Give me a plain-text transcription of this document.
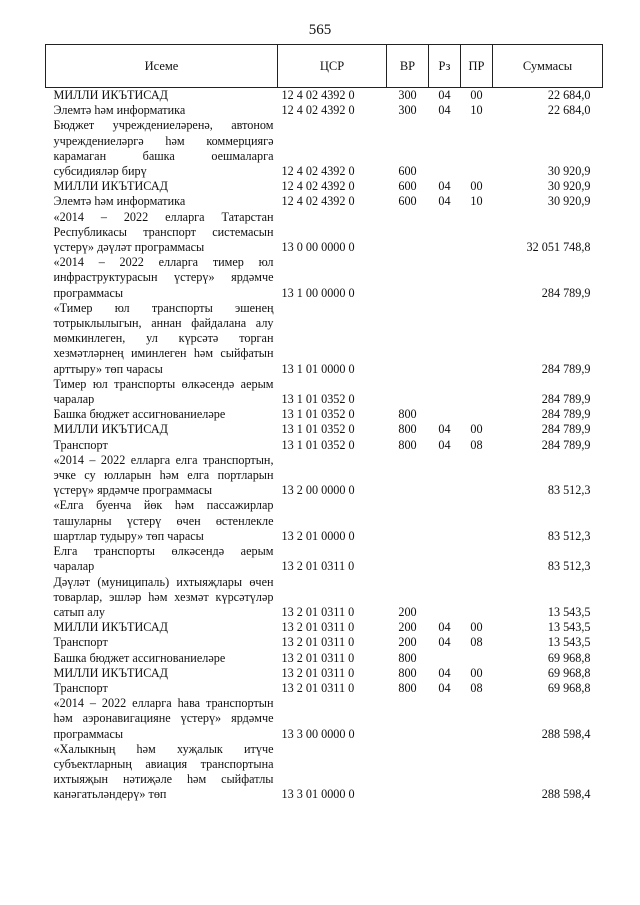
565
Исеме	ЦСР	ВР	Рз	ПР	Суммасы
МИЛЛИ ИКЪТИСАД	12 4 02 4392 0	300	04	00	22 684,0
Элемтә һәм информатика	12 4 02 4392 0	300	04	10	22 684,0
Бюджет учреждениеләренә, автоном учреждениеләргә һәм коммерциягә карамаган башка оешмаларга субсидияләр бирү	12 4 02 4392 0	600			30 920,9
МИЛЛИ ИКЪТИСАД	12 4 02 4392 0	600	04	00	30 920,9
Элемтә һәм информатика	12 4 02 4392 0	600	04	10	30 920,9
«2014 – 2022 елларга Татарстан Республикасы транспорт системасын үстерү» дәүләт программасы	13 0 00 0000 0				32 051 748,8
«2014 – 2022 елларга тимер юл инфраструктурасын үстерү» ярдәмче программасы	13 1 00 0000 0				284 789,9
«Тимер юл транспорты эшенең тотрыклылыгын, аннан файдалана алу мөмкинлеген, ул күрсәтә торган хезмәтләрнең иминлеген һәм сыйфатын арттыру» төп чарасы	13 1 01 0000 0				284 789,9
Тимер юл транспорты өлкәсендә аерым чаралар	13 1 01 0352 0				284 789,9
Башка бюджет ассигнованиеләре	13 1 01 0352 0	800			284 789,9
МИЛЛИ ИКЪТИСАД	13 1 01 0352 0	800	04	00	284 789,9
Транспорт	13 1 01 0352 0	800	04	08	284 789,9
«2014 – 2022 елларга елга транспортын, эчке су юлларын һәм елга портларын үстерү» ярдәмче программасы	13 2 00 0000 0				83 512,3
«Елга буенча йөк һәм пассажирлар ташуларны үстерү өчен өстенлекле шартлар тудыру» төп чарасы	13 2 01 0000 0				83 512,3
Елга транспорты өлкәсендә аерым чаралар	13 2 01 0311 0				83 512,3
Дәүләт (муниципаль) ихтыяҗлары өчен товарлар, эшләр һәм хезмәт күрсәтүләр сатып алу	13 2 01 0311 0	200			13 543,5
МИЛЛИ ИКЪТИСАД	13 2 01 0311 0	200	04	00	13 543,5
Транспорт	13 2 01 0311 0	200	04	08	13 543,5
Башка бюджет ассигнованиеләре	13 2 01 0311 0	800			69 968,8
МИЛЛИ ИКЪТИСАД	13 2 01 0311 0	800	04	00	69 968,8
Транспорт	13 2 01 0311 0	800	04	08	69 968,8
«2014 – 2022 елларга һава транспортын һәм аэронавигацияне үстерү» ярдәмче программасы	13 3 00 0000 0				288 598,4
«Халыкның һәм хуҗалык итүче субъектларның авиация транспортына ихтыяҗын нәтиҗәле һәм сыйфатлы канәгатьләндерү» төп	13 3 01 0000 0				288 598,4
